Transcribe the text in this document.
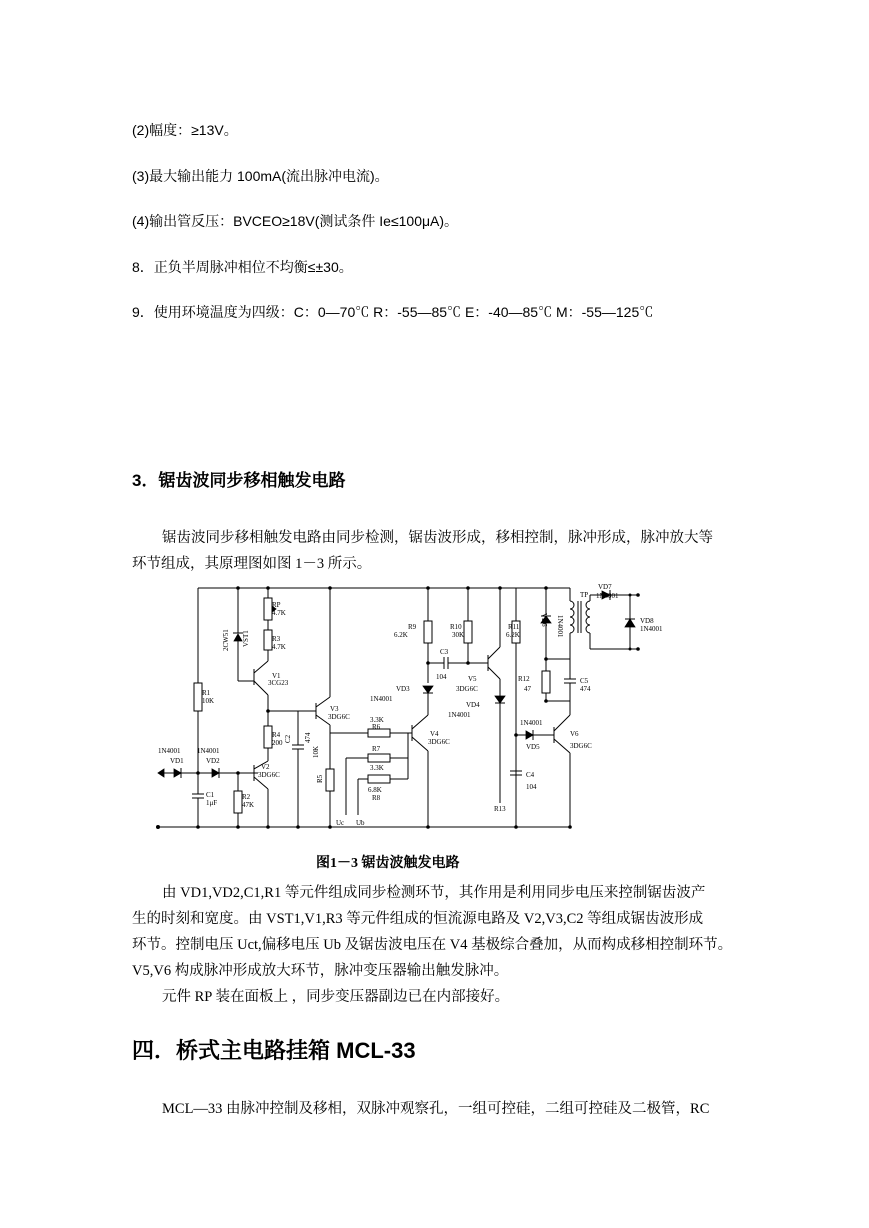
(2)幅度：≥13V。
(3)最大输出能力 100mA(流出脉冲电流)。
(4)输出管反压：BVCEO≥18V(测试条件 Ie≤100μA)。
8．正负半周脉冲相位不均衡≤±30。
9．使用环境温度为四级：C：0—70℃ R：-55—85℃ E：-40—85℃ M：-55—125℃
3．锯齿波同步移相触发电路
锯齿波同步移相触发电路由同步检测，锯齿波形成，移相控制，脉冲形成，脉冲放大等
环节组成，其原理图如图 1－3 所示。
R1
10K
1N4001
VD1
1N4001
VD2
C1
1μF
R2
47K
2CW51 VST1
RP
4.7K
R3
4.7K
V1
3CG23
R4
200
V2
3DG6C
C2 474
V3
3DG6C
10K
R5
3.3K
R6
R7
3.3K
6.8K
R8
Uc Ub
V4
3DG6C
R9
6.2K
VD3
1N4001
C3
104
R10
30K
V5
3DG6C
VD4
1N4001
R13
R11
6.2K
C4
104
1N4001
VD5
VD6 1N4001
R12
47
C5
474
V6
3DG6C
TP
VD7
1N4001
VD8
1N4001
图1－3 锯齿波触发电路
由 VD1,VD2,C1,R1 等元件组成同步检测环节，其作用是利用同步电压来控制锯齿波产
生的时刻和宽度。由 VST1,V1,R3 等元件组成的恒流源电路及 V2,V3,C2 等组成锯齿波形成
环节。控制电压 Uct,偏移电压 Ub 及锯齿波电压在 V4 基极综合叠加，从而构成移相控制环节。
V5,V6 构成脉冲形成放大环节，脉冲变压器输出触发脉冲。
元件 RP 装在面板上 ，同步变压器副边已在内部接好。
四．桥式主电路挂箱 MCL-33
MCL—33 由脉冲控制及移相，双脉冲观察孔，一组可控硅，二组可控硅及二极管，RC
